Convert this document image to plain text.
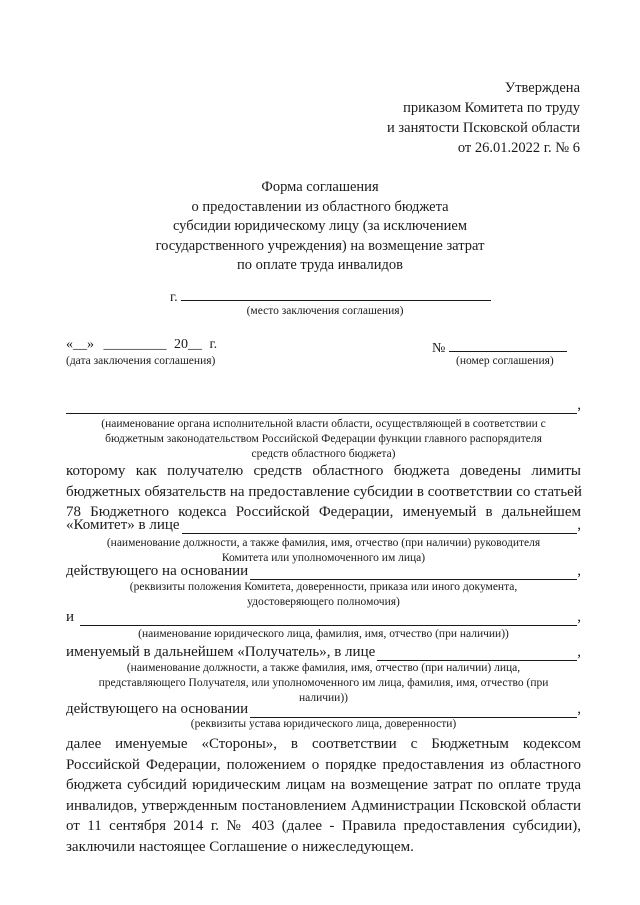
Утверждена
приказом Комитета по труду
и занятости Псковской области
от 26.01.2022 г. № 6
Форма соглашения
о предоставлении из областного бюджета
субсидии юридическому лицу (за исключением
государственного учреждения) на возмещение затрат
по оплате труда инвалидов
г.
(место заключения соглашения)
«__» _________ 20__ г.
(дата заключения соглашения)
№
(номер соглашения)
,
(наименование органа исполнительной власти области, осуществляющей в соответствии с
бюджетным законодательством Российской Федерации функции главного распорядителя
средств областного бюджета)
которому как получателю средств областного бюджета доведены лимиты
бюджетных обязательств на предоставление субсидии в соответствии со статьей
78 Бюджетного кодекса Российской Федерации, именуемый в дальнейшем
«Комитет» в лице	,
(наименование должности, а также фамилия, имя, отчество (при наличии) руководителя
Комитета или уполномоченного им лица)
действующего на основании	,
(реквизиты положения Комитета, доверенности, приказа или иного документа,
удостоверяющего полномочия)
и	,
(наименование юридического лица, фамилия, имя, отчество (при наличии))
именуемый в дальнейшем «Получатель», в лице	,
(наименование должности, а также фамилия, имя, отчество (при наличии) лица,
представляющего Получателя, или уполномоченного им лица, фамилия, имя, отчество (при
наличии))
действующего на основании	,
(реквизиты устава юридического лица, доверенности)
далее именуемые «Стороны», в соответствии с Бюджетным кодексом
Российской Федерации, положением о порядке предоставления из областного
бюджета субсидий юридическим лицам на возмещение затрат по оплате труда
инвалидов, утвержденным постановлением Администрации Псковской области
от 11 сентября 2014 г. № 403 (далее - Правила предоставления субсидии),
заключили настоящее Соглашение о нижеследующем.
